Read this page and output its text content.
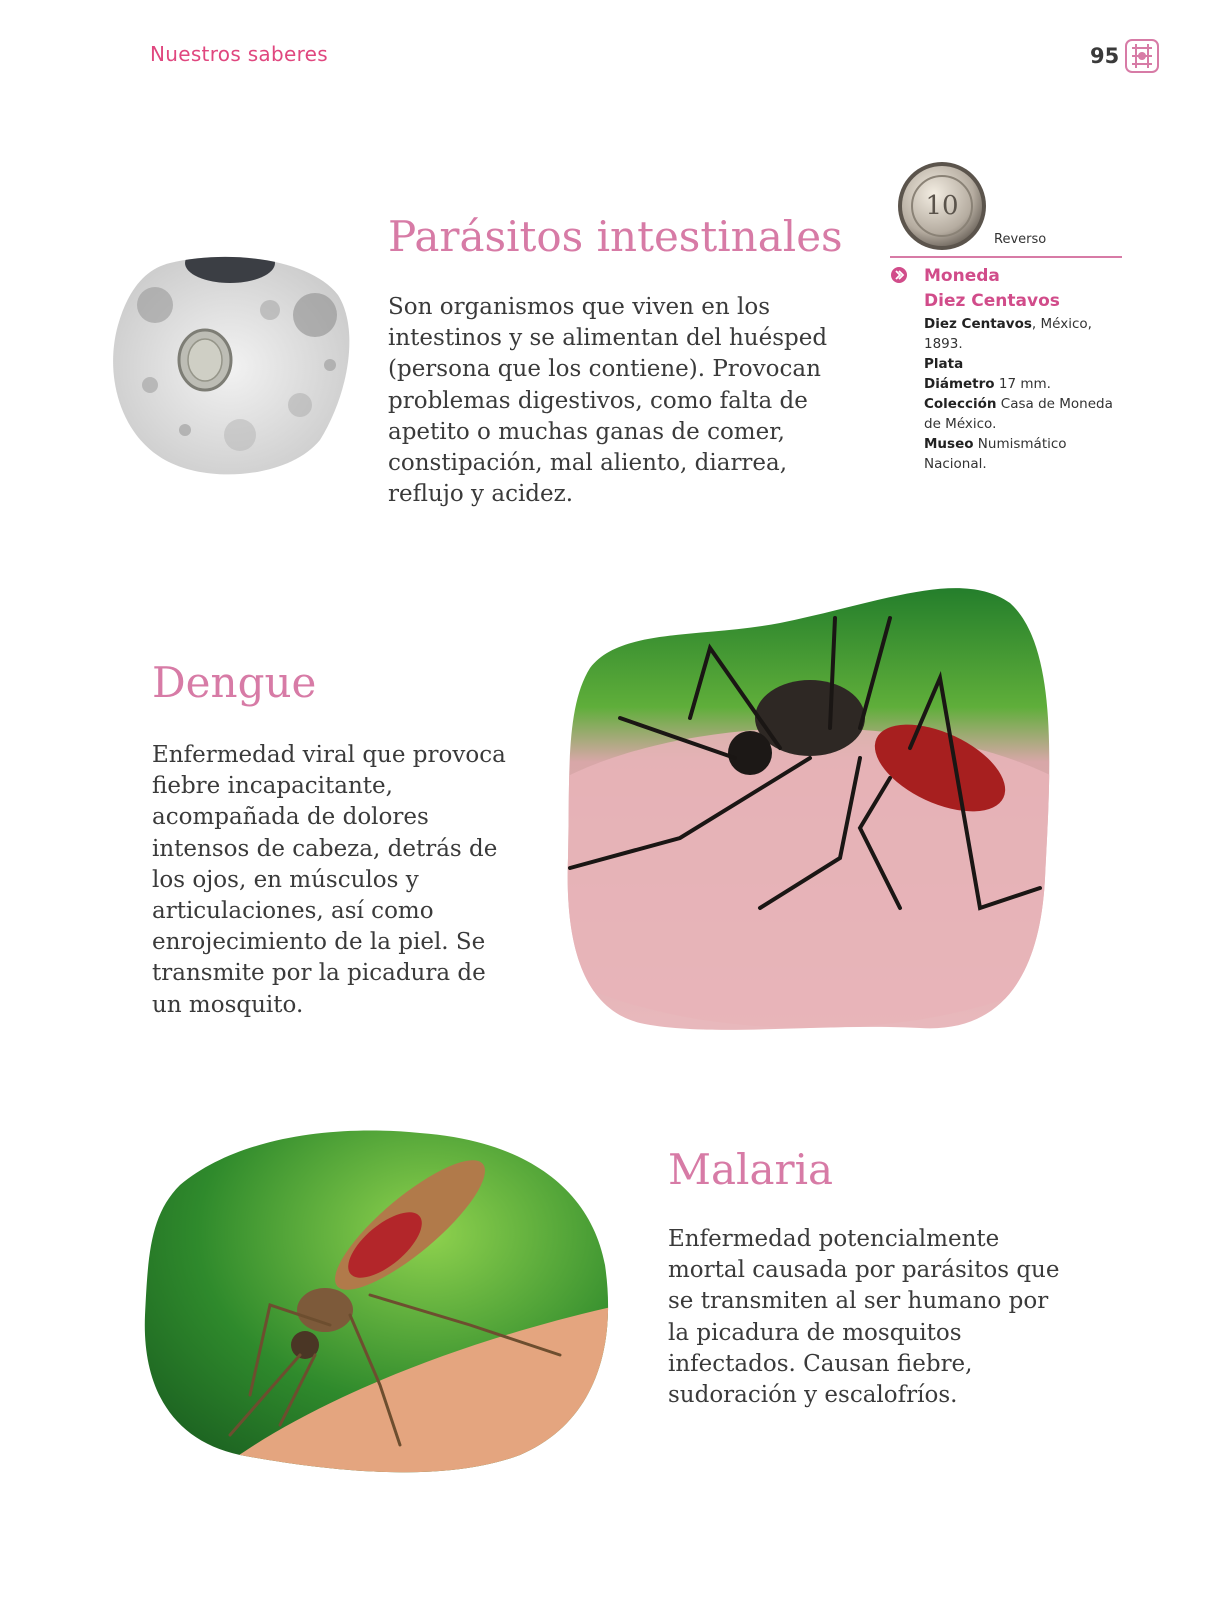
Nuestros saberes	95
Parásitos intestinales

Son organismos que viven en los intestinos y se alimentan del huésped (persona que los contiene). Provocan problemas digestivos, como falta de apetito o muchas ganas de comer, constipación, mal aliento, diarrea, reflujo y acidez.

10
Reverso
Moneda
Diez Centavos
Diez Centavos, México, 1893.
Plata
Diámetro 17 mm.
Colección Casa de Moneda de México.
Museo Numismático Nacional.
Dengue

Enfermedad viral que provoca fiebre incapacitante, acompañada de dolores intensos de cabeza, detrás de los ojos, en músculos y articulaciones, así como enrojecimiento de la piel. Se transmite por la picadura de un mosquito.

Malaria

Enfermedad potencialmente mortal causada por parásitos que se transmiten al ser humano por la picadura de mosquitos infectados. Causan fiebre, sudoración y escalofríos.
